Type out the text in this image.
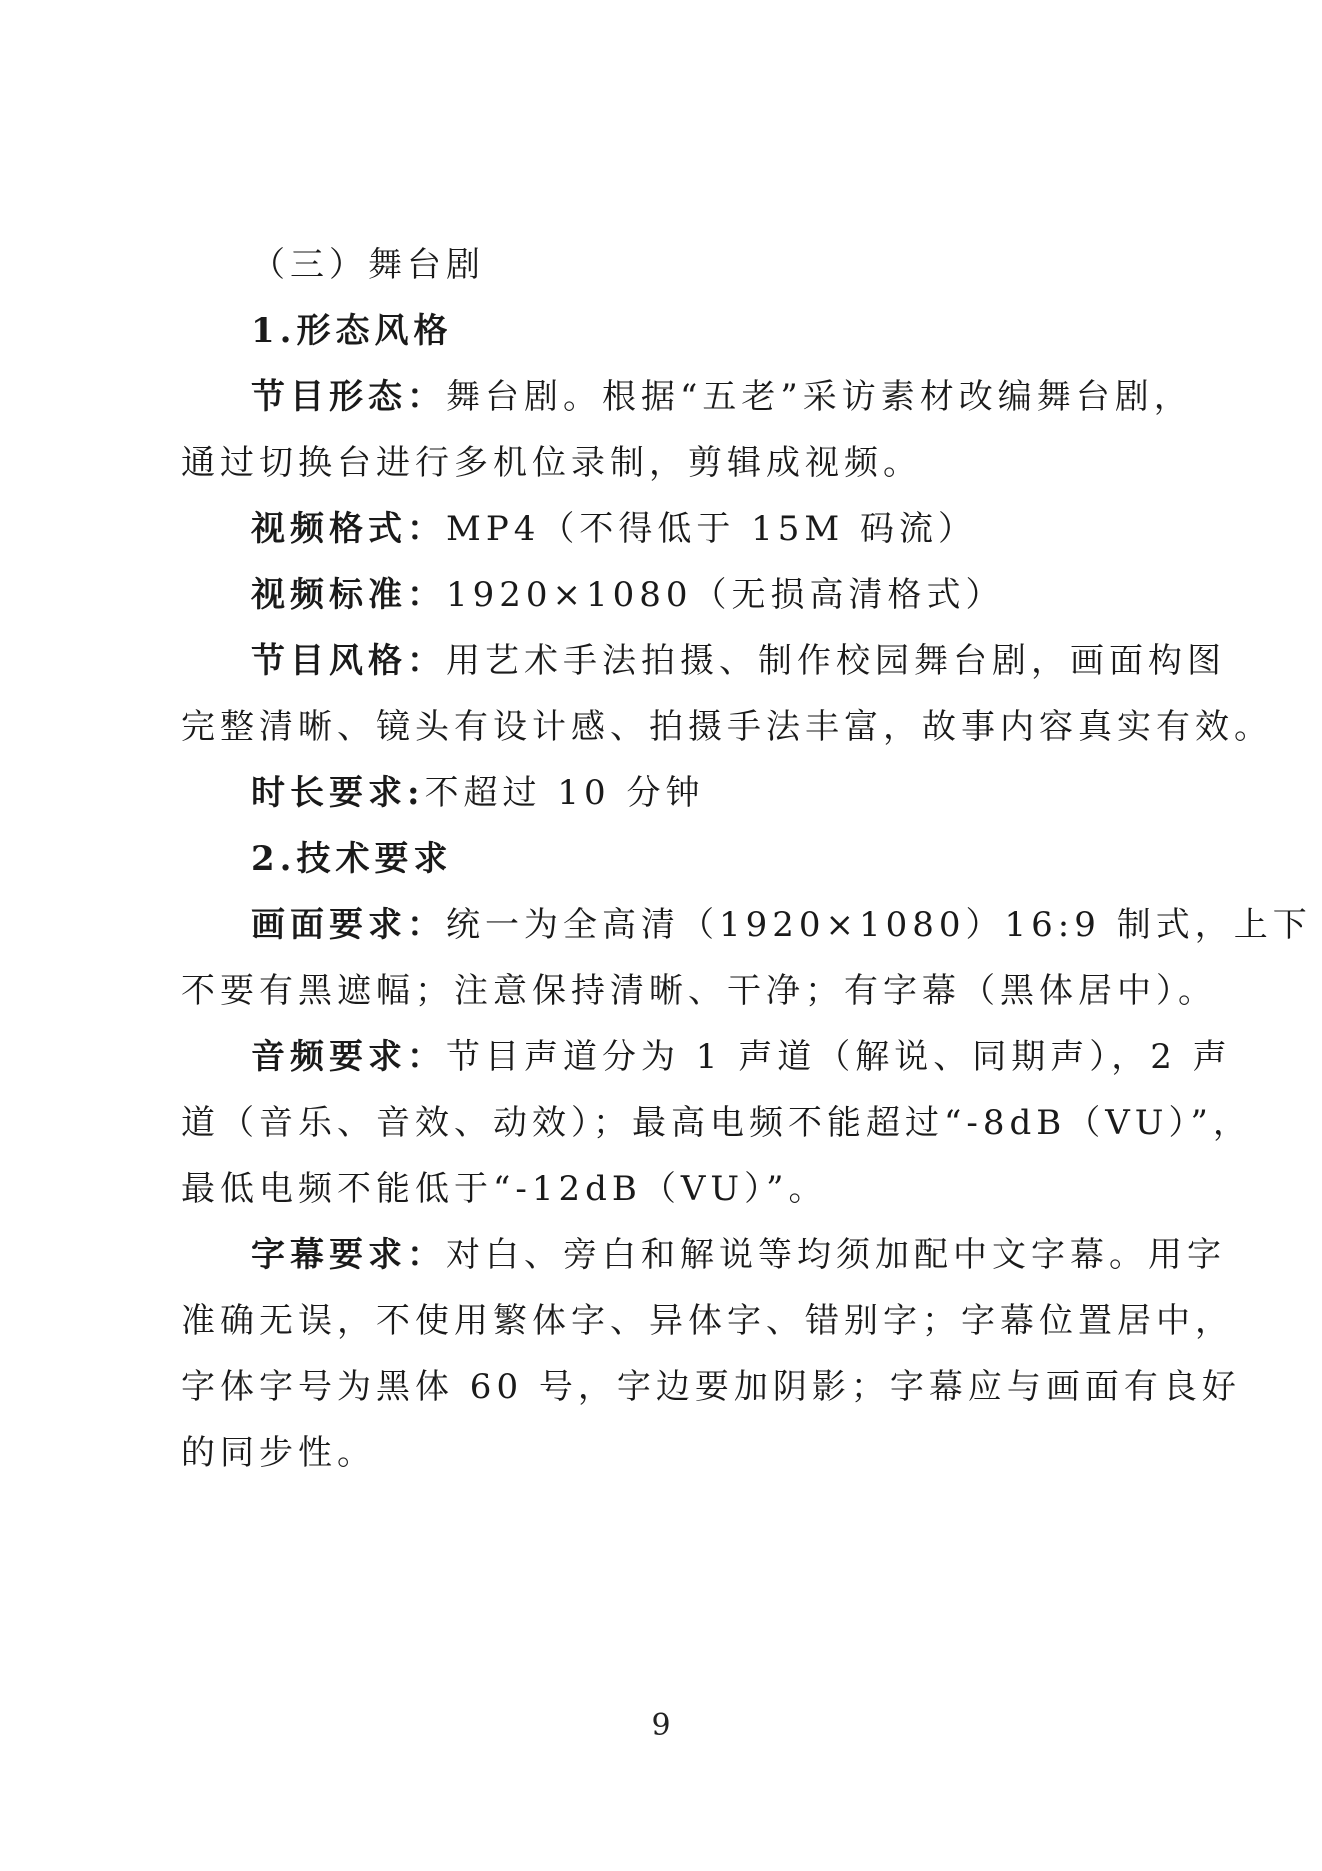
（三）舞台剧
1.形态风格
节目形态：舞台剧。根据“五老”采访素材改编舞台剧，
通过切换台进行多机位录制，剪辑成视频。
视频格式：MP4（不得低于 15M 码流）
视频标准：1920×1080（无损高清格式）
节目风格：用艺术手法拍摄、制作校园舞台剧，画面构图
完整清晰、镜头有设计感、拍摄手法丰富，故事内容真实有效。
时长要求:不超过 10 分钟
2.技术要求
画面要求：统一为全高清（1920×1080）16:9 制式，上下
不要有黑遮幅；注意保持清晰、干净；有字幕（黑体居中）。
音频要求：节目声道分为 1 声道（解说、同期声），2 声
道（音乐、音效、动效）；最高电频不能超过“-8dB（VU）”，
最低电频不能低于“-12dB（VU）”。
字幕要求：对白、旁白和解说等均须加配中文字幕。用字
准确无误，不使用繁体字、异体字、错别字；字幕位置居中，
字体字号为黑体 60 号，字边要加阴影；字幕应与画面有良好
的同步性。
9
